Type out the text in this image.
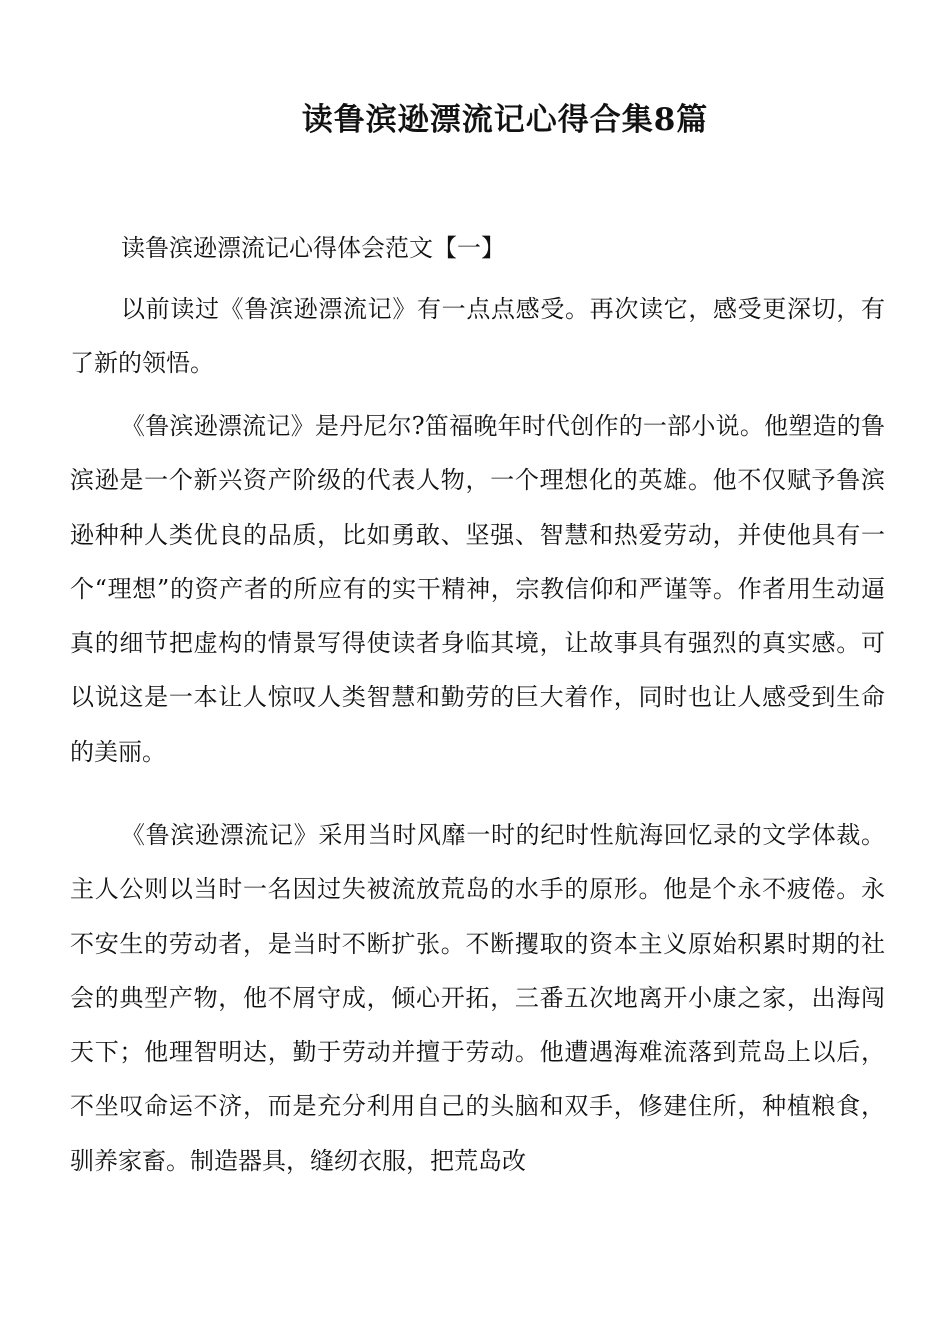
读鲁滨逊漂流记心得合集8篇
读鲁滨逊漂流记心得体会范文【一】

以前读过《鲁滨逊漂流记》有一点点感受。再次读它，感受更深切，有了新的领悟。

《鲁滨逊漂流记》是丹尼尔?笛福晚年时代创作的一部小说。他塑造的鲁滨逊是一个新兴资产阶级的代表人物，一个理想化的英雄。他不仅赋予鲁滨逊种种人类优良的品质，比如勇敢、坚强、智慧和热爱劳动，并使他具有一个“理想”的资产者的所应有的实干精神，宗教信仰和严谨等。作者用生动逼真的细节把虚构的情景写得使读者身临其境，让故事具有强烈的真实感。可以说这是一本让人惊叹人类智慧和勤劳的巨大着作，同时也让人感受到生命的美丽。

《鲁滨逊漂流记》采用当时风靡一时的纪时性航海回忆录的文学体裁。主人公则以当时一名因过失被流放荒岛的水手的原形。他是个永不疲倦。永不安生的劳动者，是当时不断扩张。不断攫取的资本主义原始积累时期的社会的典型产物，他不屑守成，倾心开拓，三番五次地离开小康之家，出海闯天下；他理智明达，勤于劳动并擅于劳动。他遭遇海难流落到荒岛上以后，不坐叹命运不济，而是充分利用自己的头脑和双手，修建住所，种植粮食，驯养家畜。制造器具，缝纫衣服，把荒岛改
